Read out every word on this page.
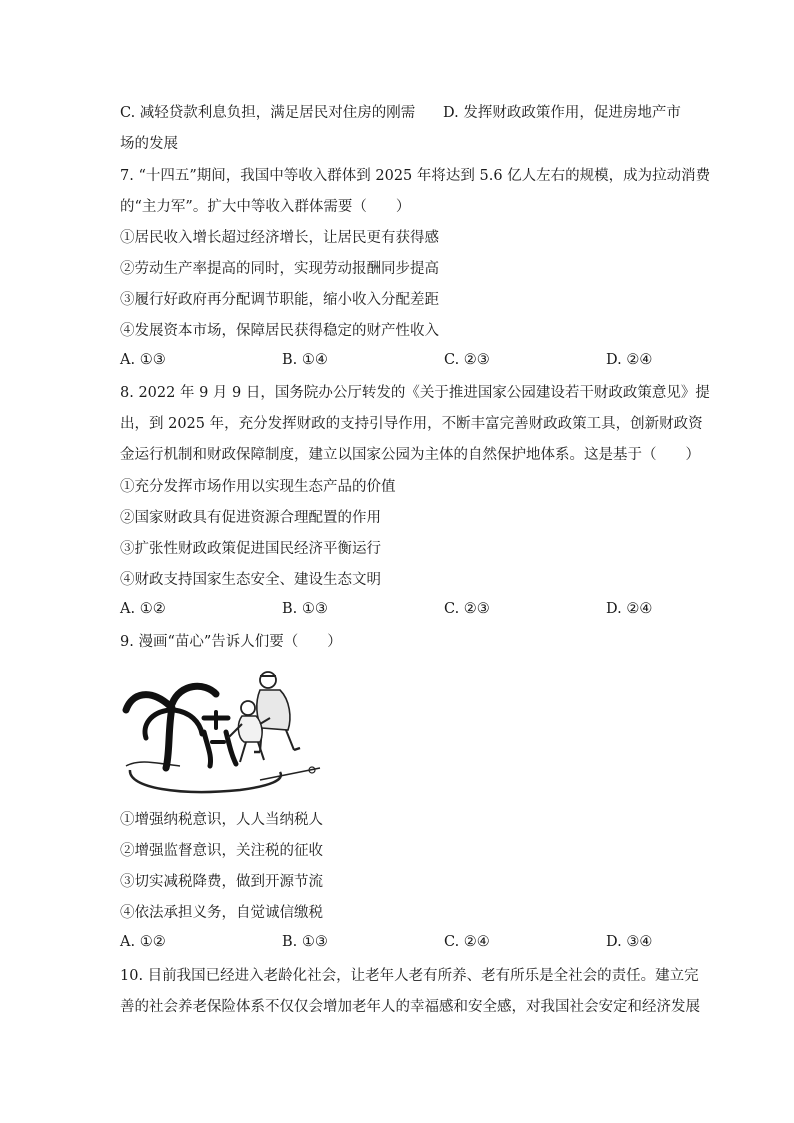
C. 减轻贷款利息负担，满足居民对住房的刚需 D. 发挥财政政策作用，促进房地产市
场的发展
7. “十四五”期间，我国中等收入群体到 2025 年将达到 5.6 亿人左右的规模，成为拉动消费
的“主力军”。扩大中等收入群体需要（　　）
①居民收入增长超过经济增长，让居民更有获得感
②劳动生产率提高的同时，实现劳动报酬同步提高
③履行好政府再分配调节职能，缩小收入分配差距
④发展资本市场，保障居民获得稳定的财产性收入
A. ①③	B. ①④	C. ②③	D. ②④
8. 2022 年 9 月 9 日，国务院办公厅转发的《关于推进国家公园建设若干财政政策意见》提
出，到 2025 年，充分发挥财政的支持引导作用，不断丰富完善财政政策工具，创新财政资
金运行机制和财政保障制度，建立以国家公园为主体的自然保护地体系。这是基于（　　）
①充分发挥市场作用以实现生态产品的价值
②国家财政具有促进资源合理配置的作用
③扩张性财政政策促进国民经济平衡运行
④财政支持国家生态安全、建设生态文明
A. ①②	B. ①③	C. ②③	D. ②④
9. 漫画“苗心”告诉人们要（　　）
①增强纳税意识，人人当纳税人
②增强监督意识，关注税的征收
③切实减税降费，做到开源节流
④依法承担义务，自觉诚信缴税
A. ①②	B. ①③	C. ②④	D. ③④
10. 目前我国已经进入老龄化社会，让老年人老有所养、老有所乐是全社会的责任。建立完
善的社会养老保险体系不仅仅会增加老年人的幸福感和安全感，对我国社会安定和经济发展
